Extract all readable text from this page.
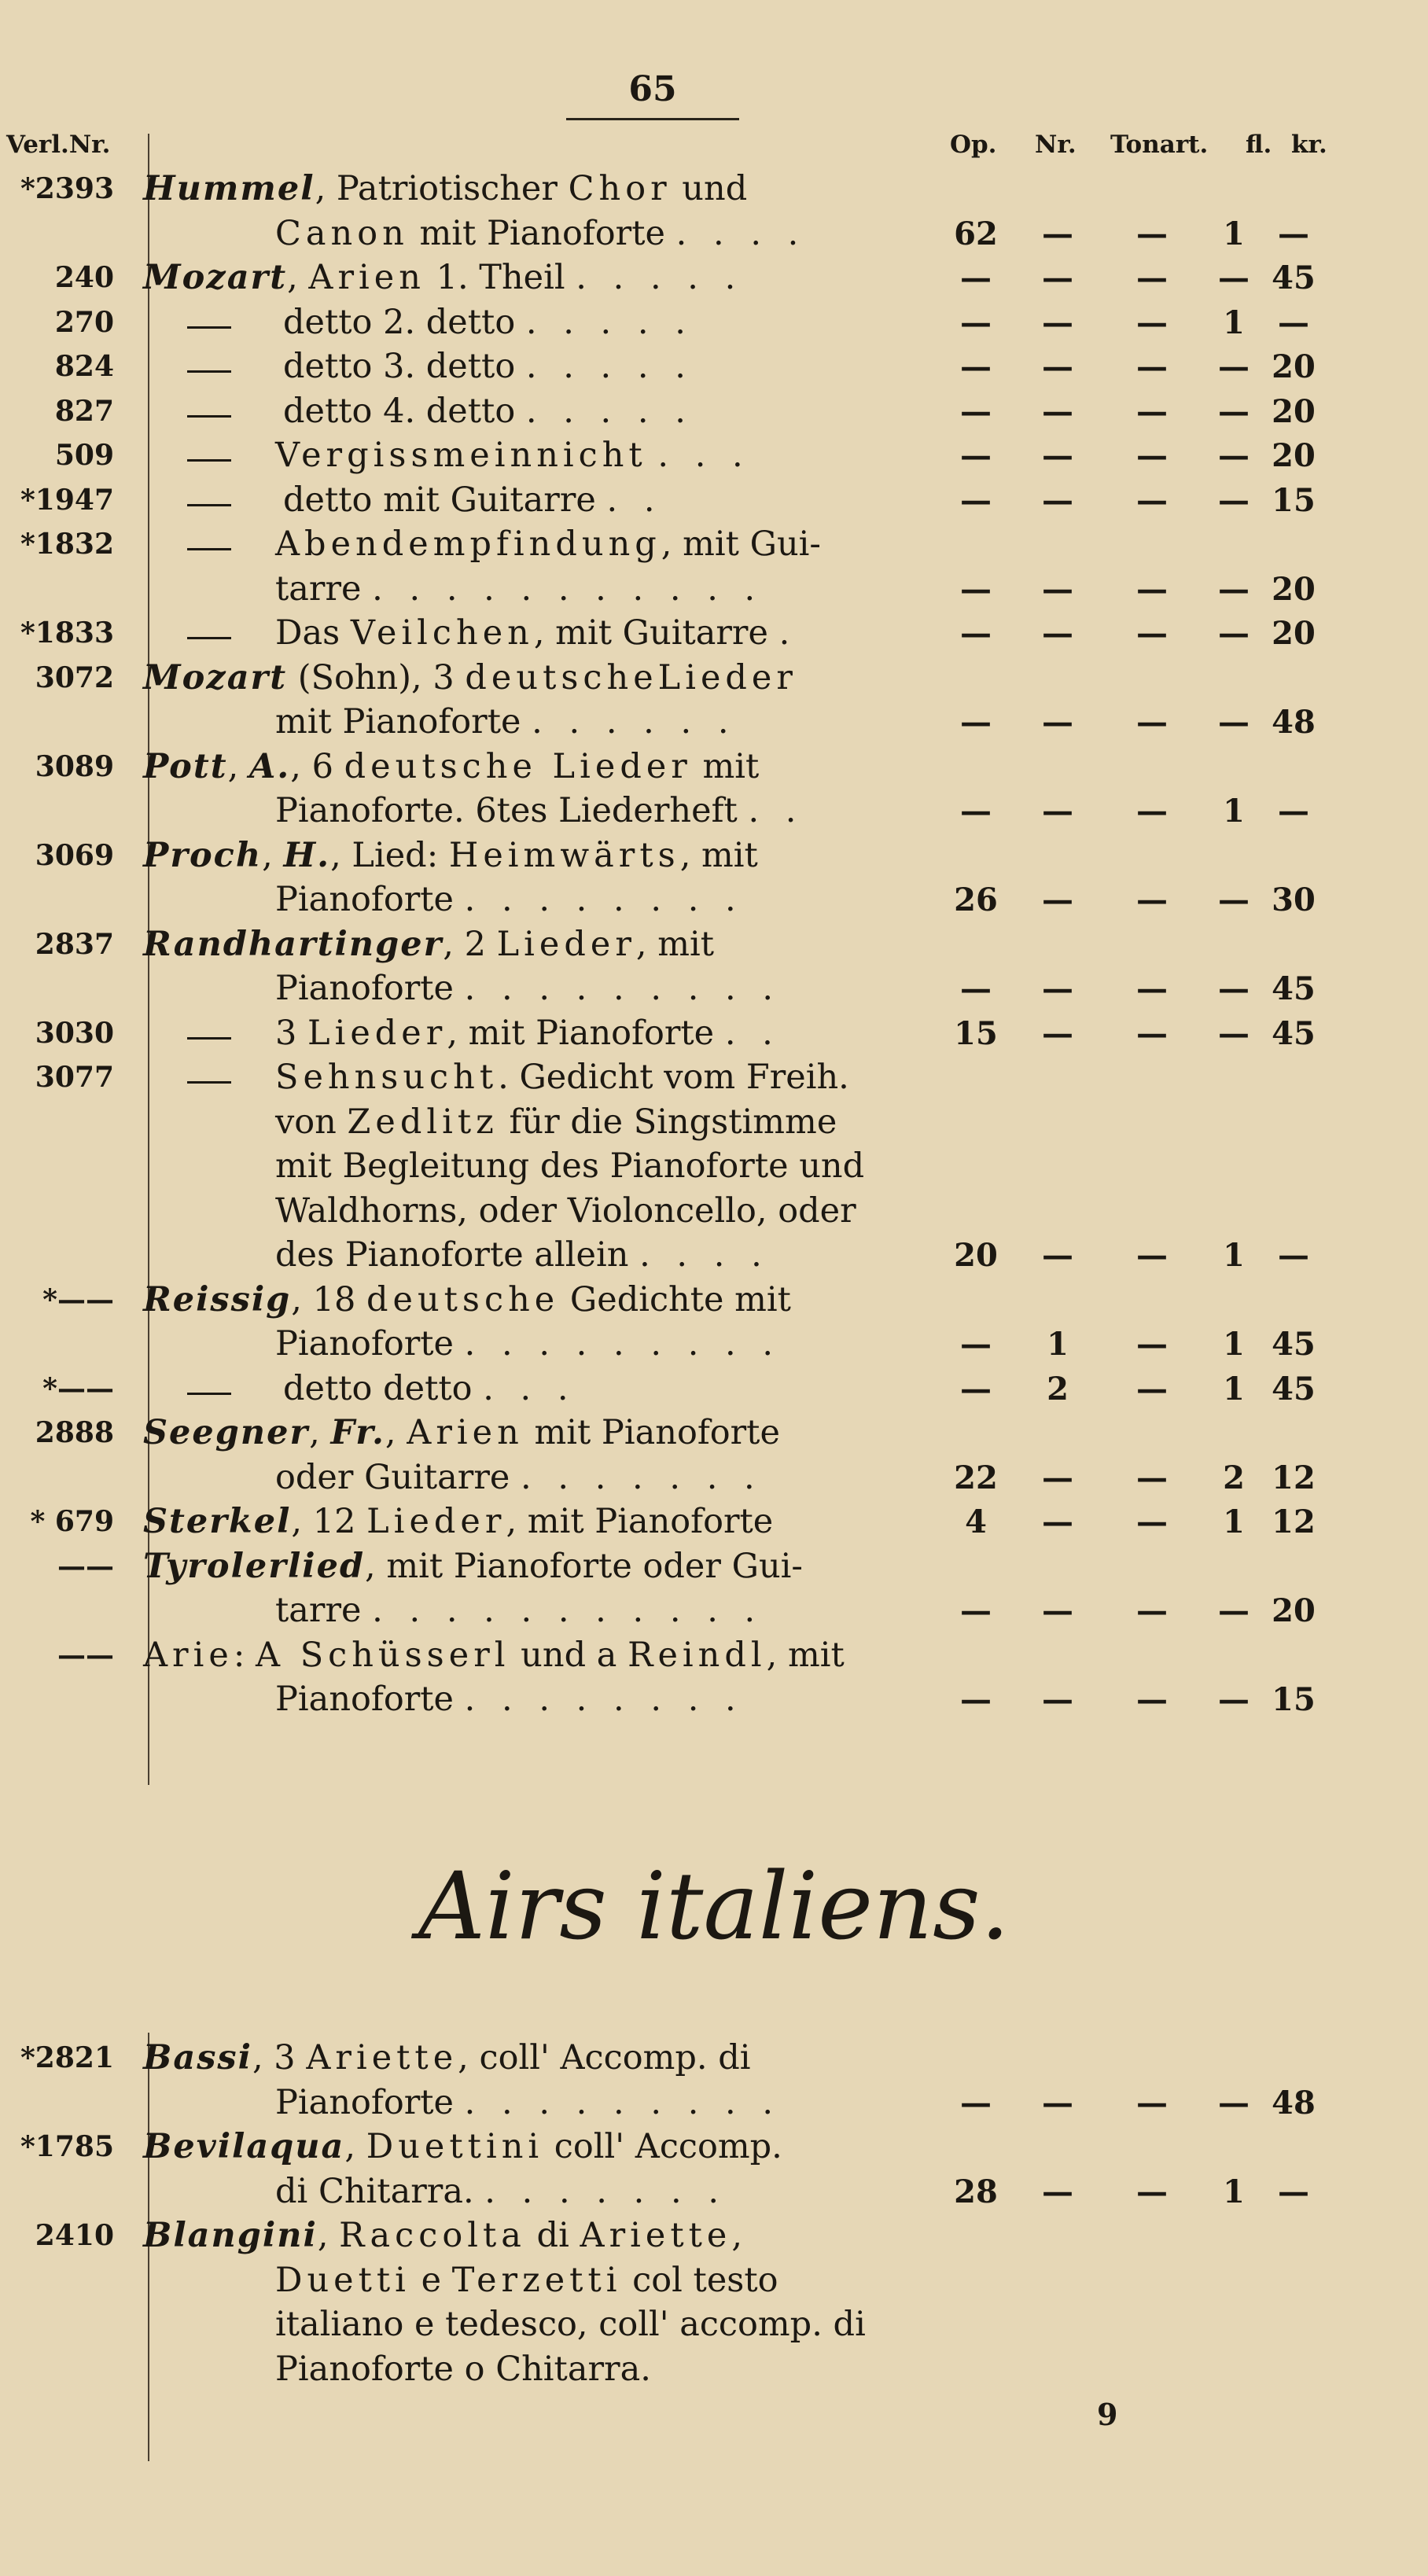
65
Verl.Nr.	Op. Nr. Tonart. fl. kr.
*2393 Hummel, Patriotischer Chor und
Canon mit Pianoforte . . . .	62	—	—	1	—
240 Mozart, Arien 1. Theil . . . . .	—	—	—	— 45
270	detto 2. detto . . . . .	—	—	—	1	—
824	detto 3. detto . . . . .	—	—	—	— 20
827	detto 4. detto . . . . .	—	—	—	— 20
509	Vergissmeinnicht . . .	—	—	—	— 20
*1947	detto mit Guitarre . .	—	—	—	— 15
*1832	Abendempfindung, mit Gui-
tarre . . . . . . . . . . .	—	—	—	— 20
*1833	Das Veilchen, mit Guitarre .	—	—	—	— 20
3072 Mozart (Sohn), 3 deutscheLieder
mit Pianoforte . . . . . .	—	—	—	— 48
3089 Pott, A., 6 deutsche Lieder mit
Pianoforte. 6tes Liederheft . .	—	—	—	1	—
3069 Proch, H., Lied: Heimwärts, mit
Pianoforte . . . . . . . .	26	—	—	— 30
2837 Randhartinger, 2 Lieder, mit
Pianoforte . . . . . . . . .	—	—	—	— 45
3030	3 Lieder, mit Pianoforte . .	15	—	—	— 45
3077	Sehnsucht. Gedicht vom Freih.
von Zedlitz für die Singstimme
mit Begleitung des Pianoforte und
Waldhorns, oder Violoncello, oder
des Pianoforte allein . . . .	20	—	—	1	—
*—— Reissig, 18 deutsche Gedichte mit
Pianoforte . . . . . . . . .	—	1	—	1 45
*——	detto detto . . .	—	2	—	1 45
2888 Seegner, Fr., Arien mit Pianoforte
oder Guitarre . . . . . . .	22	—	—	2 12
* 679 Sterkel, 12 Lieder, mit Pianoforte	4	—	—	1 12
—— Tyrolerlied, mit Pianoforte oder Gui-
tarre . . . . . . . . . . .	—	—	—	— 20
—— Arie: A Schüsserl und a Reindl, mit
Pianoforte . . . . . . . .	—	—	—	— 15
Airs italiens.
*2821 Bassi, 3 Ariette, coll' Accomp. di
Pianoforte . . . . . . . . .	—	—	—	— 48
*1785 Bevilaqua, Duettini coll' Accomp.
di Chitarra. . . . . . . .	28	—	—	1	—
2410 Blangini, Raccolta di Ariette,
Duetti e Terzetti col testo
italiano e tedesco, coll' accomp. di
Pianoforte o Chitarra.
9
